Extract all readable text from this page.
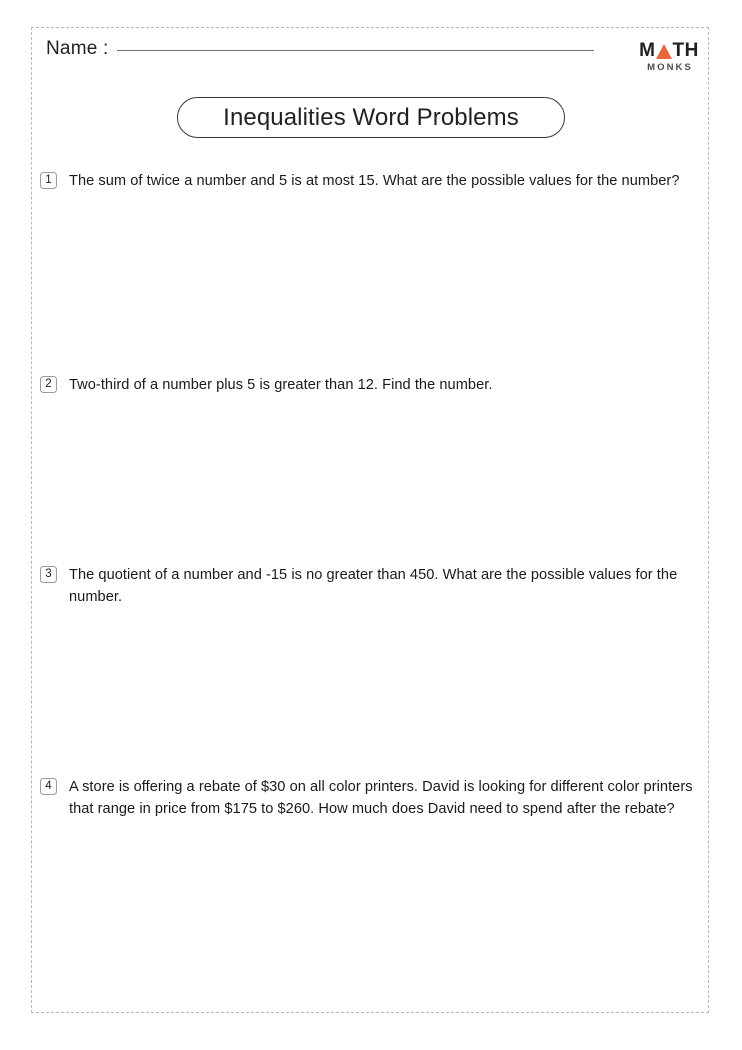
Name :	M T H
MONKS
Inequalities Word Problems
1	The sum of twice a number and 5 is at most 15. What are the possible values for the number?
2	Two-third of a number plus 5 is greater than 12. Find the number.
3	The quotient of a number and -15 is no greater than 450. What are the possible values for the number.
4	A store is offering a rebate of $30 on all color printers. David is looking for different color printers that range in price from $175 to $260. How much does David need to spend after the rebate?
